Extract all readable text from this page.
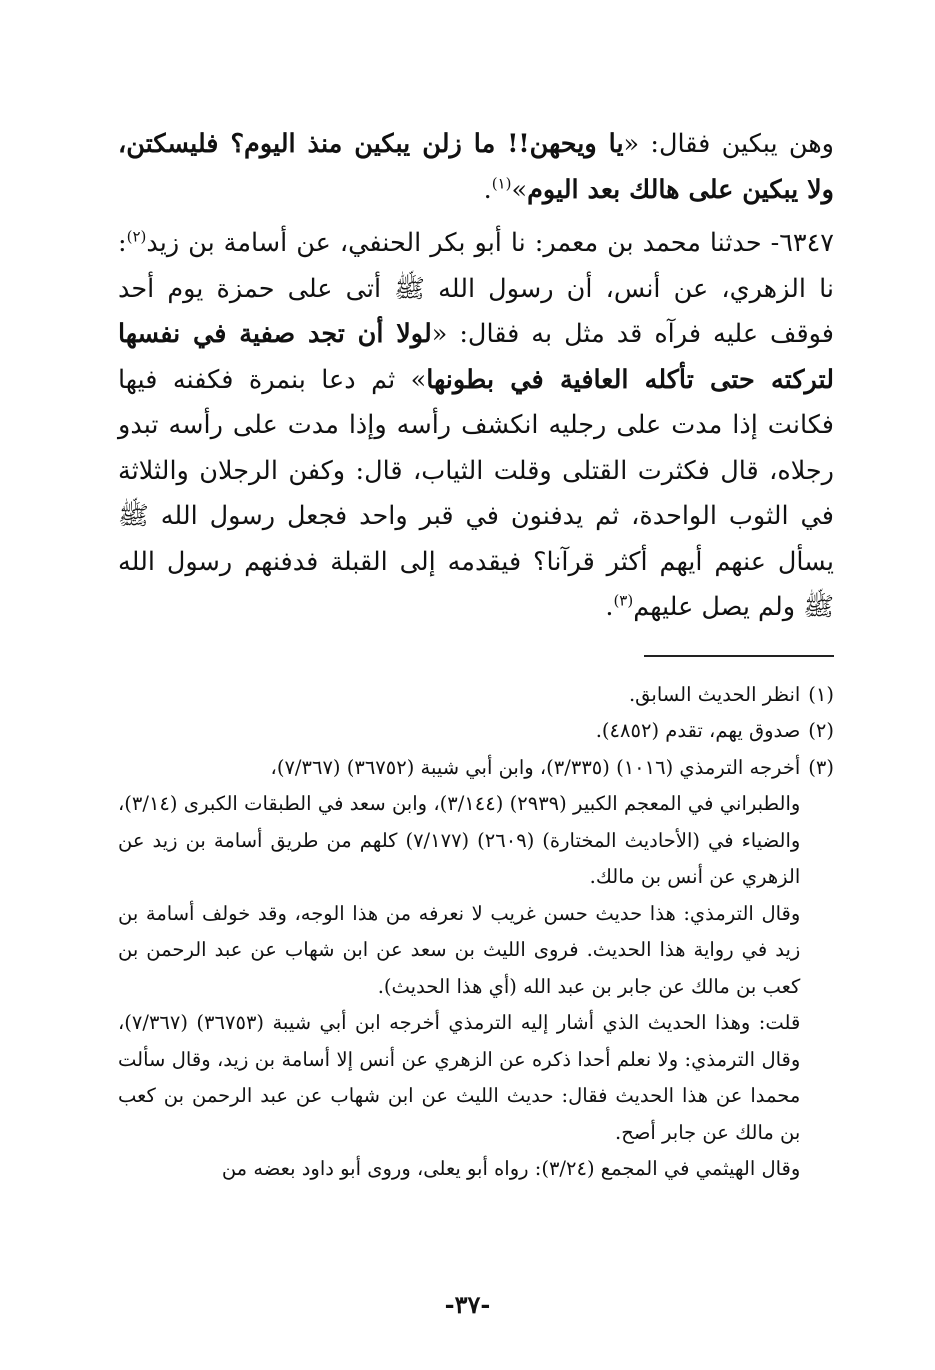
وهن يبكين فقال: «يا ويحهن!! ما زلن يبكين منذ اليوم؟ فليسكتن، ولا يبكين على هالك بعد اليوم»$^{(١)}$.

٦٣٤٧- حدثنا محمد بن معمر: نا أبو بكر الحنفي، عن أسامة بن زيد$^{(٢)}$: نا الزهري، عن أنس، أن رسول الله ﷺ أتى على حمزة يوم أحد فوقف عليه فرآه قد مثل به فقال: «لولا أن تجد صفية في نفسها لتركته حتى تأكله العافية في بطونها» ثم دعا بنمرة فكفنه فيها فكانت إذا مدت على رجليه انكشف رأسه وإذا مدت على رأسه تبدو رجلاه، قال فكثرت القتلى وقلت الثياب، قال: وكفن الرجلان والثلاثة في الثوب الواحدة، ثم يدفنون في قبر واحد فجعل رسول الله ﷺ يسأل عنهم أيهم أكثر قرآنا؟ فيقدمه إلى القبلة فدفنهم رسول الله ﷺ ولم يصل عليهم$^{(٣)}$.

(١)
انظر الحديث السابق.
(٢)
صدوق يهم، تقدم (٤٨٥٢).
(٣)
أخرجه الترمذي (١٠١٦) (٣/٣٣٥)، وابن أبي شيبة (٣٦٧٥٢) (٧/٣٦٧)،
والطبراني في المعجم الكبير (٢٩٣٩) (٣/١٤٤)، وابن سعد في الطبقات الكبرى (٣/١٤)، والضياء في (الأحاديث المختارة) (٢٦٠٩) (٧/١٧٧) كلهم من طريق أسامة بن زيد عن الزهري عن أنس بن مالك.
وقال الترمذي: هذا حديث حسن غريب لا نعرفه من هذا الوجه، وقد خولف أسامة بن زيد في رواية هذا الحديث. فروى الليث بن سعد عن ابن شهاب عن عبد الرحمن بن كعب بن مالك عن جابر بن عبد الله (أي هذا الحديث).
قلت: وهذا الحديث الذي أشار إليه الترمذي أخرجه ابن أبي شيبة (٣٦٧٥٣) (٧/٣٦٧)، وقال الترمذي: ولا نعلم أحدا ذكره عن الزهري عن أنس إلا أسامة بن زيد، وقال سألت محمدا عن هذا الحديث فقال: حديث الليث عن ابن شهاب عن عبد الرحمن بن كعب بن مالك عن جابر أصح.
وقال الهيثمي في المجمع (٣/٢٤): رواه أبو يعلى، وروى أبو داود بعضه من
-٣٧-
